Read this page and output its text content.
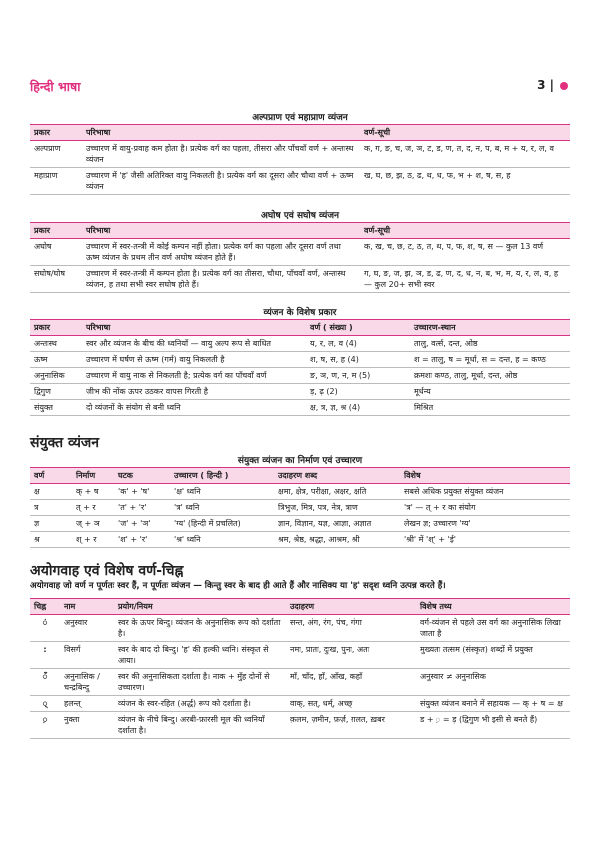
हिन्दी भाषा	3 |
अल्पप्राण एवं महाप्राण व्यंजन
प्रकार	परिभाषा	वर्ण-सूची
अल्पप्राण	उच्चारण में वायु-प्रवाह कम होता है। प्रत्येक वर्ग का पहला, तीसरा और पाँचवाँ वर्ण + अन्तःस्थ व्यंजन	क, ग, ङ, च, ज, ञ, ट, ड, ण, त, द, न, प, ब, म + य, र, ल, व
महाप्राण	उच्चारण में 'ह' जैसी अतिरिक्त वायु निकलती है। प्रत्येक वर्ग का दूसरा और चौथा वर्ण + ऊष्म व्यंजन	ख, घ, छ, झ, ठ, ढ, थ, ध, फ, भ + श, ष, स, ह
अघोष एवं सघोष व्यंजन
प्रकार	परिभाषा	वर्ण-सूची
अघोष	उच्चारण में स्वर-तन्त्री में कोई कम्पन नहीं होता। प्रत्येक वर्ग का पहला और दूसरा वर्ण तथा ऊष्म व्यंजन के प्रथम तीन वर्ण अघोष व्यंजन होते हैं।	क, ख, च, छ, ट, ठ, त, थ, प, फ, श, ष, स — कुल 13 वर्ण
सघोष/घोष	उच्चारण में स्वर-तन्त्री में कम्पन होता है। प्रत्येक वर्ग का तीसरा, चौथा, पाँचवाँ वर्ण, अन्तःस्थ व्यंजन, ह तथा सभी स्वर सघोष होते हैं।	ग, घ, ङ, ज, झ, ञ, ड, ढ, ण, द, ध, न, ब, भ, म, य, र, ल, व, ह — कुल 20+ सभी स्वर
व्यंजन के विशेष प्रकार
प्रकार	परिभाषा	वर्ण ( संख्या )	उच्चारण-स्थान
अन्तःस्थ	स्वर और व्यंजन के बीच की ध्वनियाँ — वायु अल्प रूप से बाधित	य, र, ल, व (4)	तालु, वर्त्स, दन्त, ओष्ठ
ऊष्म	उच्चारण में घर्षण से ऊष्म (गर्म) वायु निकलती है	श, ष, स, ह (4)	श = तालु, ष = मूर्धा, स = दन्त, ह = कण्ठ
अनुनासिक	उच्चारण में वायु नाक से निकलती है; प्रत्येक वर्ग का पाँचवाँ वर्ण	ङ, ञ, ण, न, म (5)	क्रमशः कण्ठ, तालु, मूर्धा, दन्त, ओष्ठ
द्विगुण	जीभ की नोंक ऊपर उठकर वापस गिरती है	ड़, ढ़ (2)	मूर्धन्य
संयुक्त	दो व्यंजनों के संयोग से बनी ध्वनि	क्ष, त्र, ज्ञ, श्र (4)	मिश्रित
संयुक्त व्यंजन
संयुक्त व्यंजन का निर्माण एवं उच्चारण
वर्ण	निर्माण	घटक	उच्चारण ( हिन्दी )	उदाहरण शब्द	विशेष
क्ष	क् + ष	'क' + 'ष'	'क्ष' ध्वनि	क्षमा, क्षेत्र, परीक्षा, अक्षर, क्षति	सबसे अधिक प्रयुक्त संयुक्त व्यंजन
त्र	त् + र	'त' + 'र'	'त्र' ध्वनि	त्रिभुज, मित्र, पत्र, नेत्र, त्राण	'त्र' — त् + र का संयोग
ज्ञ	ज् + ञ	'ज' + 'ञ'	'ग्य' (हिन्दी में प्रचलित)	ज्ञान, विज्ञान, यज्ञ, आज्ञा, अज्ञात	लेखन ज्ञ; उच्चारण 'ग्य'
श्र	श् + र	'श' + 'र'	'श्र' ध्वनि	श्रम, श्रेष्ठ, श्रद्धा, आश्रम, श्री	'श्री' में 'श्' + 'ई'
अयोगवाह एवं विशेष वर्ण-चिह्न
अयोगवाह जो वर्ण न पूर्णतः स्वर हैं, न पूर्णतः व्यंजन — किन्तु स्वर के बाद ही आते हैं और नासिक्य या 'ह' सदृश ध्वनि उत्पन्न करते हैं।
चिह्न	नाम	प्रयोग/नियम	उदाहरण	विशेष तथ्य
ं	अनुस्वार	स्वर के ऊपर बिन्दु। व्यंजन के अनुनासिक रूप को दर्शाता है।	सन्त, अंग, रंग, पंच, गंगा	वर्ग-व्यंजन से पहले उस वर्ग का अनुनासिक लिखा जाता है
:	विसर्ग	स्वर के बाद दो बिन्दु। 'ह' की हल्की ध्वनि। संस्कृत से आया।	नमः, प्रातः, दुःख, पुनः, अतः	मुख्यतः तत्सम (संस्कृत) शब्दों में प्रयुक्त
ँ	अनुनासिक /चन्द्रबिन्दु	स्वर की अनुनासिकता दर्शाता है। नाक + मुँह दोनों से उच्चारण।	माँ, चाँद, हाँ, आँख, कहाँ	अनुस्वार ≠ अनुनासिक
्	हलन्त्	व्यंजन के स्वर-रहित (अर्द्ध) रूप को दर्शाता है।	वाक्, सत्, धर्म्, अच्छ्	संयुक्त व्यंजन बनाने में सहायक — क् + ष = क्ष
़	नुक्ता	व्यंजन के नीचे बिन्दु। अरबी-फ़ारसी मूल की ध्वनियाँ दर्शाता है।	क़लम, ज़मीन, फ़र्ज़, ग़लत, ख़बर	ड + ़ = ड़ (द्विगुण भी इसी से बनते हैं)
